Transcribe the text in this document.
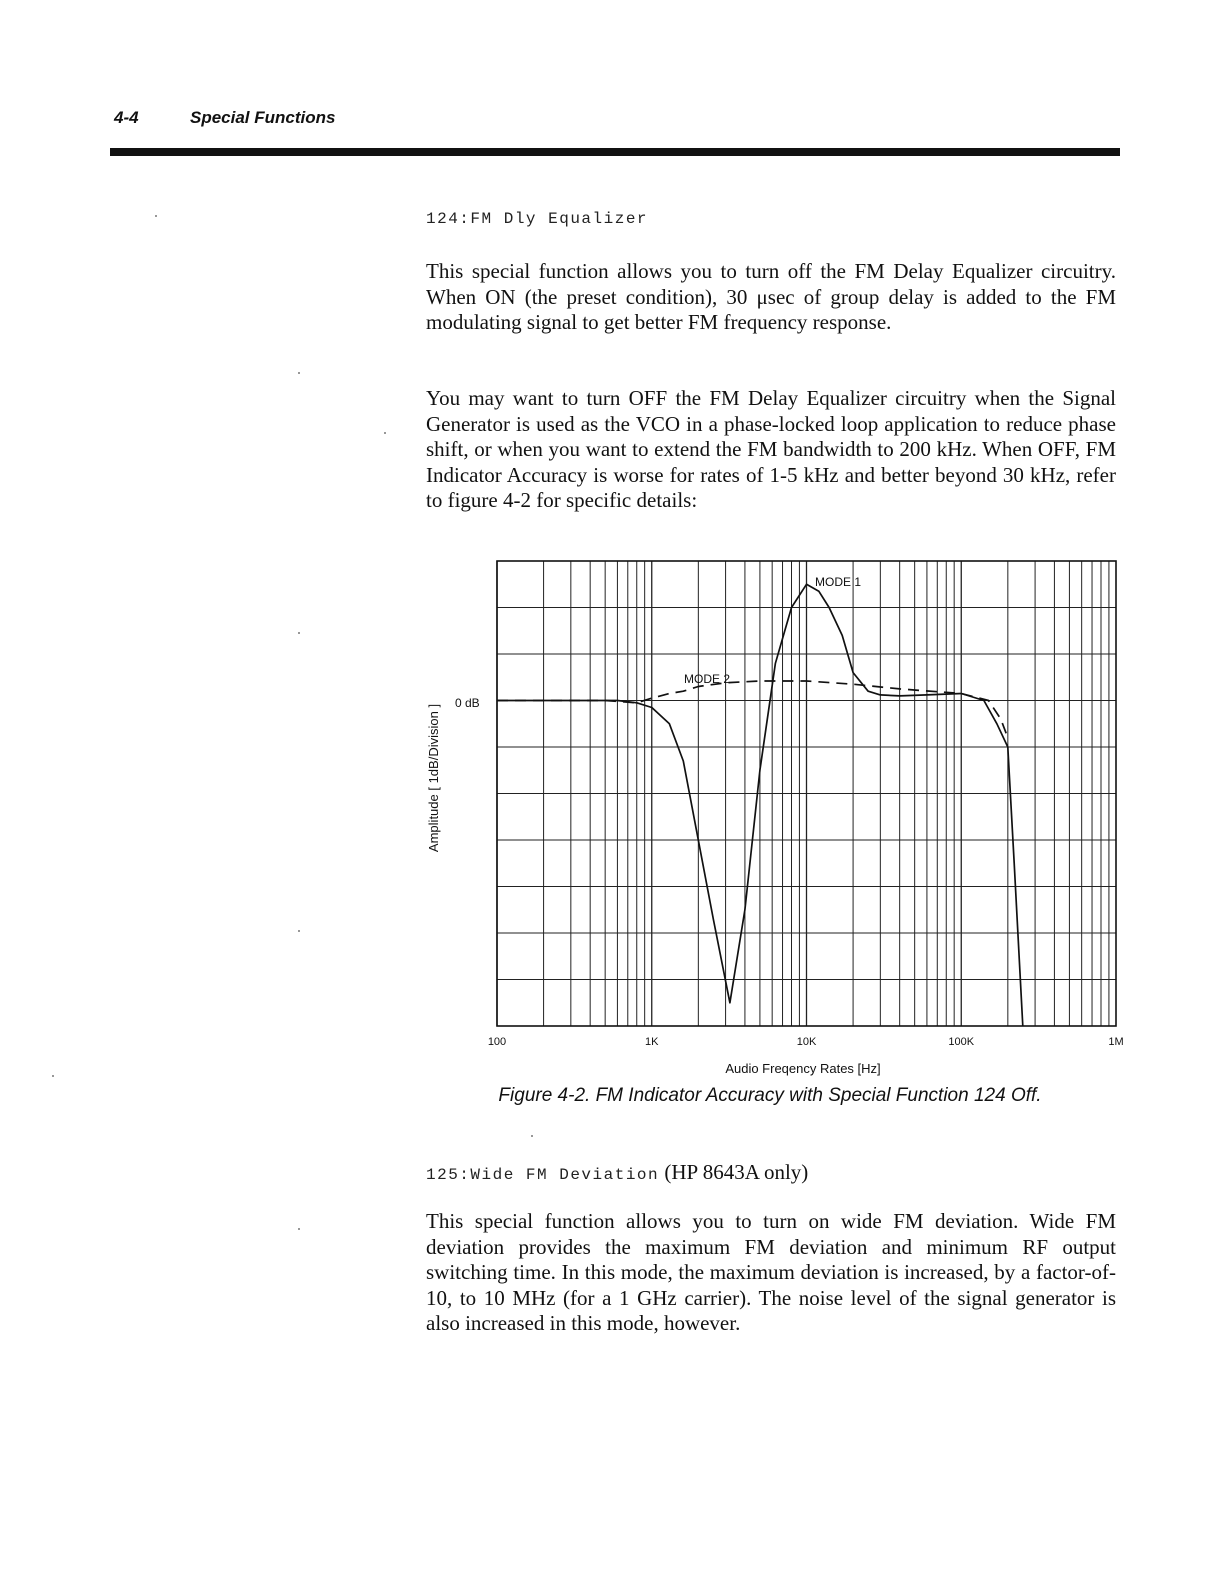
4-4	Special Functions
124:FM Dly Equalizer

This special function allows you to turn off the FM Delay Equalizer circuitry. When ON (the preset condition), 30 μsec of group delay is added to the FM modulating signal to get better FM frequency response.

You may want to turn OFF the FM Delay Equalizer circuitry when the Signal Generator is used as the VCO in a phase-locked loop application to reduce phase shift, or when you want to extend the FM bandwidth to 200 kHz. When OFF, FM Indicator Accuracy is worse for rates of 1-5 kHz and better beyond 30 kHz, refer to figure 4-2 for specific details:

100	1K	10K	100K	1M
0 dB
Amplitude [ 1dB/Division ]
Audio Freqency Rates [Hz]
MODE 1
MODE 2
Figure 4-2. FM Indicator Accuracy with Special Function 124 Off.
125:Wide FM Deviation (HP 8643A only)

This special function allows you to turn on wide FM deviation. Wide FM deviation provides the maximum FM deviation and minimum RF output switching time. In this mode, the maximum deviation is increased, by a factor-of-10, to 10 MHz (for a 1 GHz carrier). The noise level of the signal generator is also increased in this mode, however.
